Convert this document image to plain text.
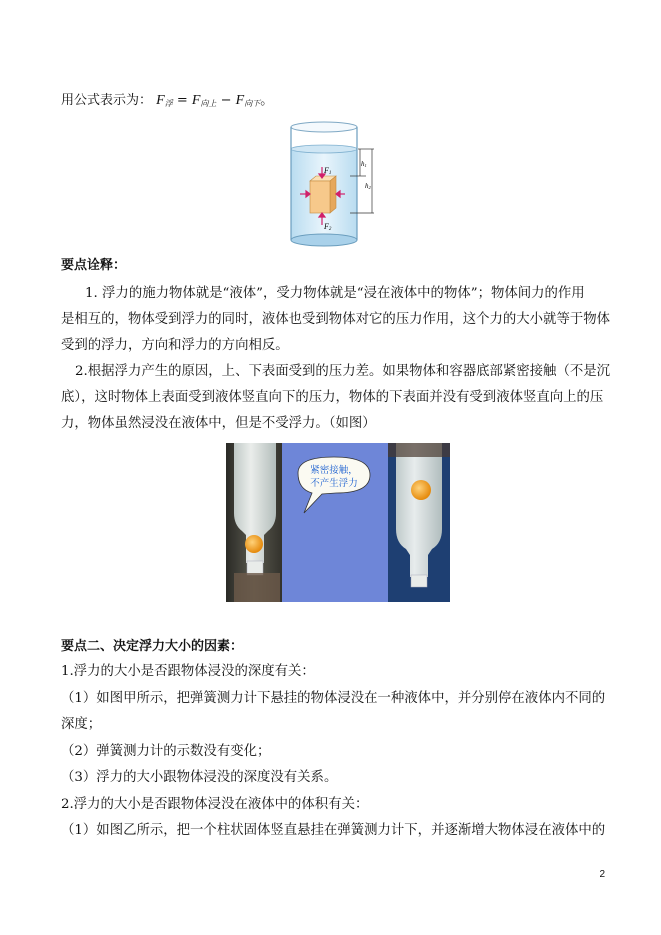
用公式表示为： F浮 = F向上 − F向下。
F1
F2
h1
h2
要点诠释：
1. 浮力的施力物体就是“液体”，受力物体就是“浸在液体中的物体”；物体间力的作用
是相互的，物体受到浮力的同时，液体也受到物体对它的压力作用，这个力的大小就等于物体
受到的浮力，方向和浮力的方向相反。
2.根据浮力产生的原因，上、下表面受到的压力差。如果物体和容器底部紧密接触（不是沉
底），这时物体上表面受到液体竖直向下的压力，物体的下表面并没有受到液体竖直向上的压
力，物体虽然浸没在液体中，但是不受浮力。（如图）
紧密接触，
不产生浮力
要点二、决定浮力大小的因素：
1.浮力的大小是否跟物体浸没的深度有关：
（1）如图甲所示，把弹簧测力计下悬挂的物体浸没在一种液体中，并分别停在液体内不同的
深度；
（2）弹簧测力计的示数没有变化；
（3）浮力的大小跟物体浸没的深度没有关系。
2.浮力的大小是否跟物体浸没在液体中的体积有关：
（1）如图乙所示，把一个柱状固体竖直悬挂在弹簧测力计下，并逐渐增大物体浸在液体中的
2
